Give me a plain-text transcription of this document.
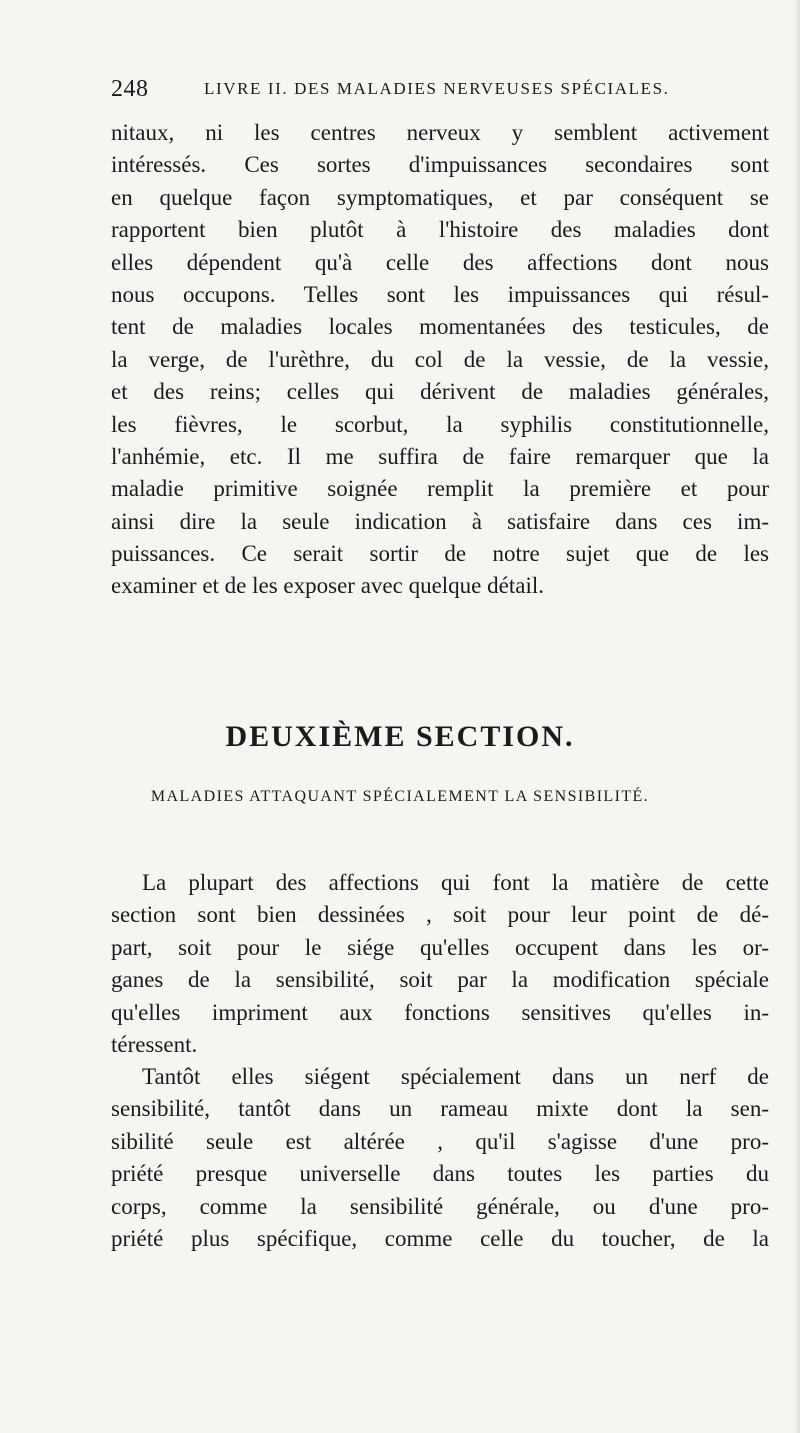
248	LIVRE II. DES MALADIES NERVEUSES SPÉCIALES.
nitaux, ni les centres nerveux y semblent activement
intéressés. Ces sortes d'impuissances secondaires sont
en quelque façon symptomatiques, et par conséquent se
rapportent bien plutôt à l'histoire des maladies dont
elles dépendent qu'à celle des affections dont nous
nous occupons. Telles sont les impuissances qui résul-
tent de maladies locales momentanées des testicules, de
la verge, de l'urèthre, du col de la vessie, de la vessie,
et des reins; celles qui dérivent de maladies générales,
les fièvres, le scorbut, la syphilis constitutionnelle,
l'anhémie, etc. Il me suffira de faire remarquer que la
maladie primitive soignée remplit la première et pour
ainsi dire la seule indication à satisfaire dans ces im-
puissances. Ce serait sortir de notre sujet que de les
examiner et de les exposer avec quelque détail.
DEUXIÈME SECTION.
MALADIES ATTAQUANT SPÉCIALEMENT LA SENSIBILITÉ.
La plupart des affections qui font la matière de cette
section sont bien dessinées , soit pour leur point de dé-
part, soit pour le siége qu'elles occupent dans les or-
ganes de la sensibilité, soit par la modification spéciale
qu'elles impriment aux fonctions sensitives qu'elles in-
téressent.
Tantôt elles siégent spécialement dans un nerf de
sensibilité, tantôt dans un rameau mixte dont la sen-
sibilité seule est altérée , qu'il s'agisse d'une pro-
priété presque universelle dans toutes les parties du
corps, comme la sensibilité générale, ou d'une pro-
priété plus spécifique, comme celle du toucher, de la
